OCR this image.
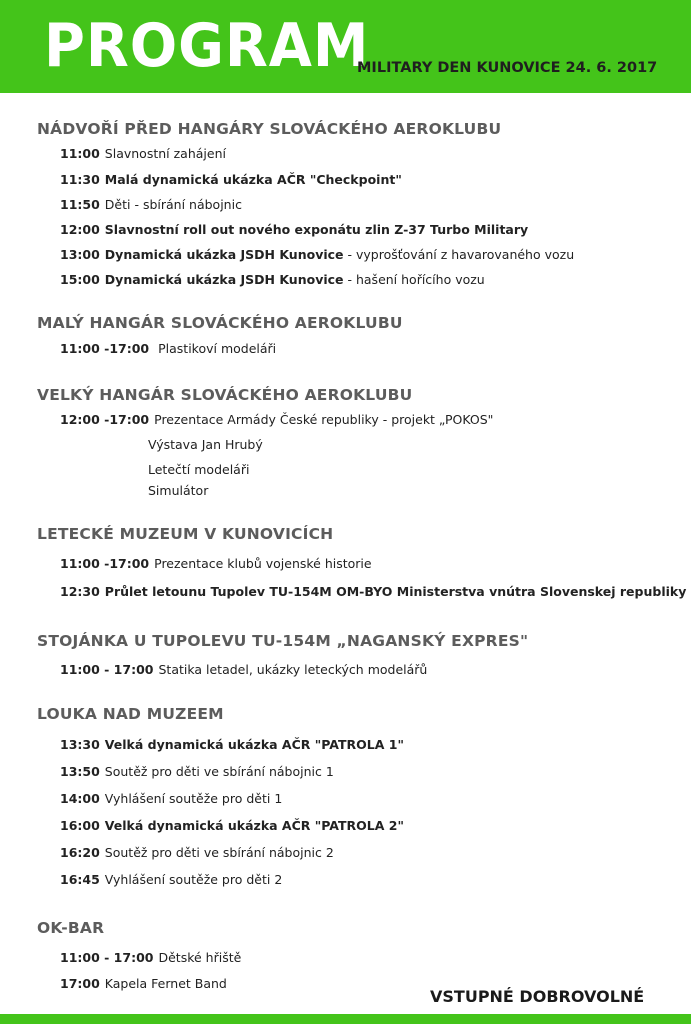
PROGRAM
MILITARY DEN KUNOVICE 24. 6. 2017
NÁDVOŘÍ PŘED HANGÁRY SLOVÁCKÉHO AEROKLUBU
11:00 Slavnostní zahájení
11:30 Malá dynamická ukázka AČR "Checkpoint"
11:50 Děti - sbírání nábojnic
12:00 Slavnostní roll out nového exponátu zlin Z-37 Turbo Military
13:00 Dynamická ukázka JSDH Kunovice - vyprošťování z havarovaného vozu
15:00 Dynamická ukázka JSDH Kunovice - hašení hořícího vozu
MALÝ HANGÁR SLOVÁCKÉHO AEROKLUBU
11:00 -17:00 Plastikoví modeláři
VELKÝ HANGÁR SLOVÁCKÉHO AEROKLUBU
12:00 -17:00 Prezentace Armády České republiky - projekt „POKOS"
Výstava Jan Hrubý
Letečtí modeláři
Simulátor
LETECKÉ MUZEUM V KUNOVICÍCH
11:00 -17:00 Prezentace klubů vojenské historie
12:30 Průlet letounu Tupolev TU-154M OM-BYO Ministerstva vnútra Slovenskej republiky
STOJÁNKA U TUPOLEVU TU-154M „NAGANSKÝ EXPRES"
11:00 - 17:00 Statika letadel, ukázky leteckých modelářů
LOUKA NAD MUZEEM
13:30 Velká dynamická ukázka AČR "PATROLA 1"
13:50 Soutěž pro děti ve sbírání nábojnic 1
14:00 Vyhlášení soutěže pro děti 1
16:00 Velká dynamická ukázka AČR "PATROLA 2"
16:20 Soutěž pro děti ve sbírání nábojnic 2
16:45 Vyhlášení soutěže pro děti 2
OK-BAR
11:00 - 17:00 Dětské hřiště
17:00 Kapela Fernet Band
VSTUPNÉ DOBROVOLNÉ
